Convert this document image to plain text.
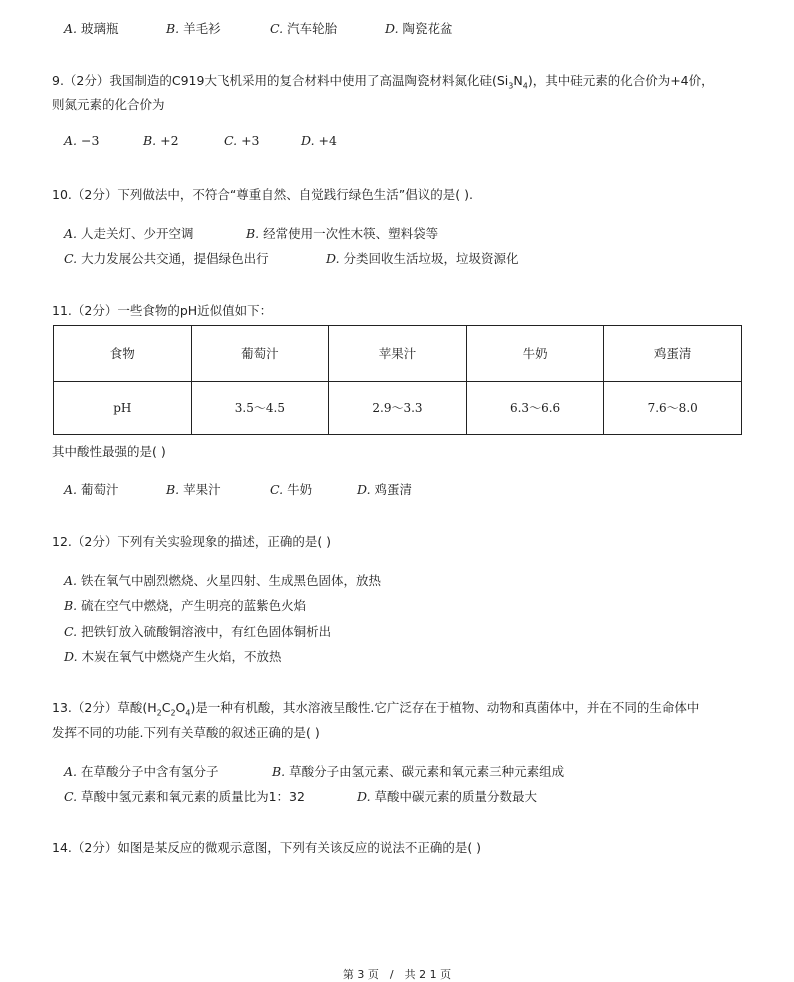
A. 玻璃瓶	B. 羊毛衫	C. 汽车轮胎	D. 陶瓷花盆
9.（2分）我国制造的C919大飞机采用的复合材料中使用了高温陶瓷材料氮化硅$(Si_3N_4)$，其中硅元素的化合价为+4价，
则氮元素的化合价为
A. −3	B. +2	C. +3	D. +4
10.（2分）下列做法中，不符合“尊重自然、自觉践行绿色生活”倡议的是( ).
A. 人走关灯、少开空调	B. 经常使用一次性木筷、塑料袋等
C. 大力发展公共交通，提倡绿色出行	D. 分类回收生活垃圾，垃圾资源化
11.（2分）一些食物的pH近似值如下：
食物	葡萄汁	苹果汁	牛奶	鸡蛋清
pH	3.5～4.5	2.9～3.3	6.3～6.6	7.6～8.0
其中酸性最强的是( )
A. 葡萄汁	B. 苹果汁	C. 牛奶	D. 鸡蛋清
12.（2分）下列有关实验现象的描述，正确的是( )
A. 铁在氧气中剧烈燃烧、火星四射、生成黑色固体，放热
B. 硫在空气中燃烧，产生明亮的蓝紫色火焰
C. 把铁钉放入硫酸铜溶液中，有红色固体铜析出
D. 木炭在氧气中燃烧产生火焰，不放热
13.（2分）草酸$(H_2C_2O_4)$是一种有机酸，其水溶液呈酸性.它广泛存在于植物、动物和真菌体中，并在不同的生命体中
发挥不同的功能.下列有关草酸的叙述正确的是( )
A. 在草酸分子中含有氢分子	B. 草酸分子由氢元素、碳元素和氧元素三种元素组成
C. 草酸中氢元素和氧元素的质量比为1：32	D. 草酸中碳元素的质量分数最大
14.（2分）如图是某反应的微观示意图，下列有关该反应的说法不正确的是( )
第 3 页　/　共 2 1 页
